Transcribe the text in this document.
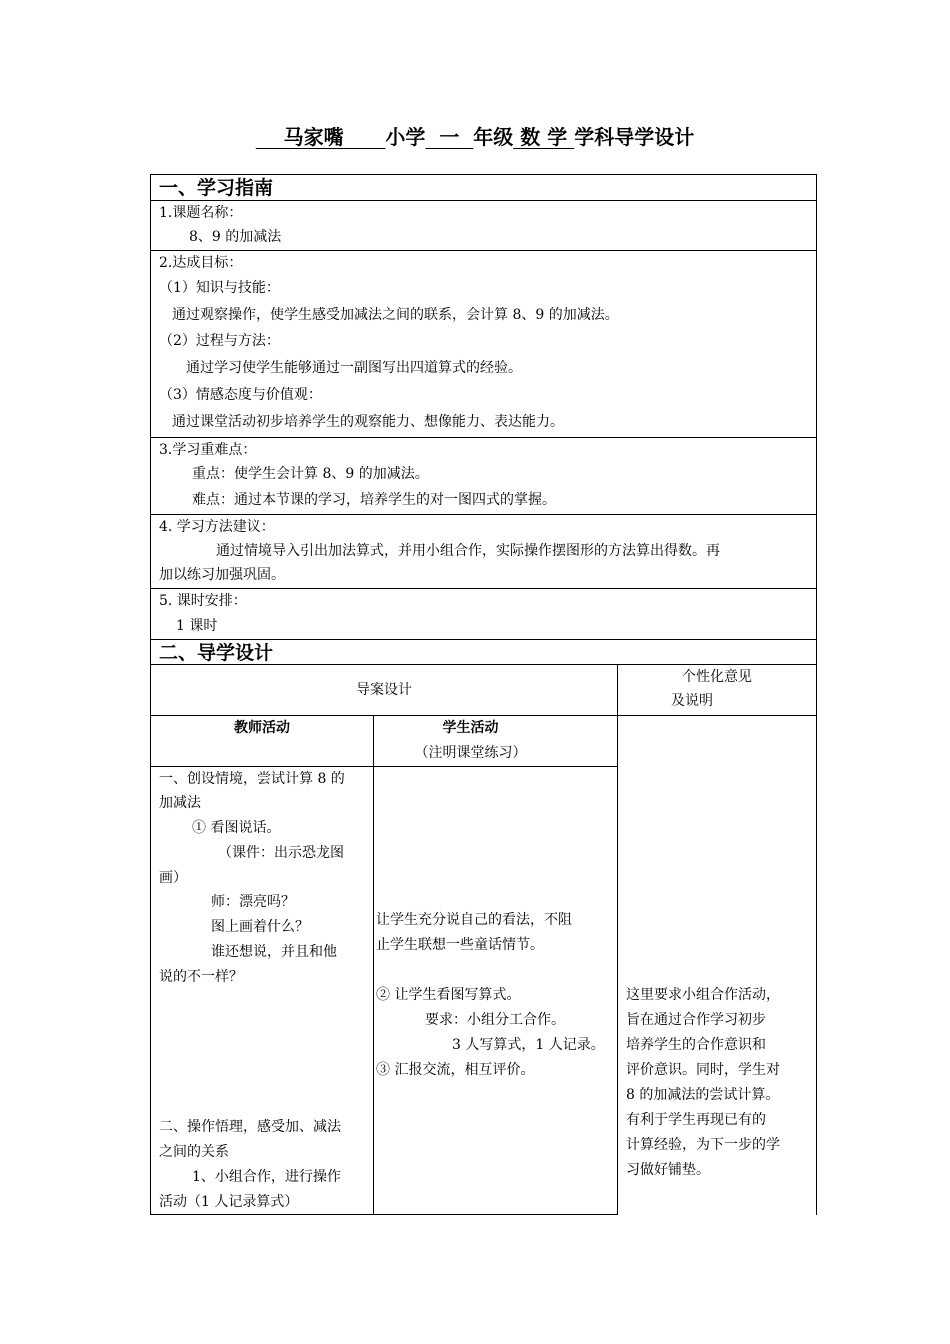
马家嘴 小学 一 年级 数 学 学科导学设计
一、学习指南
1.课题名称：
8、9 的加减法
2.达成目标：
（1）知识与技能：
通过观察操作，使学生感受加减法之间的联系，会计算 8、9 的加减法。
（2）过程与方法：
通过学习使学生能够通过一副图写出四道算式的经验。
（3）情感态度与价值观：
通过课堂活动初步培养学生的观察能力、想像能力、表达能力。
3.学习重难点：
重点：使学生会计算 8、9 的加减法。
难点：通过本节课的学习，培养学生的对一图四式的掌握。
4. 学习方法建议：
通过情境导入引出加法算式，并用小组合作，实际操作摆图形的方法算出得数。再
加以练习加强巩固。
5. 课时安排：
1 课时
二、导学设计
导案设计
个性化意见
及说明
教师活动	学生活动
（注明课堂练习）
一、创设情境，尝试计算 8 的
加减法
① 看图说话。
（课件：出示恐龙图
画）
师：漂亮吗？
图上画着什么？
谁还想说，并且和他
说的不一样？
二、操作悟理，感受加、减法
之间的关系
1、小组合作，进行操作
活动（1 人记录算式）
让学生充分说自己的看法，不阻
止学生联想一些童话情节。
② 让学生看图写算式。
要求：小组分工合作。
3 人写算式，1 人记录。
③ 汇报交流，相互评价。
这里要求小组合作活动，
旨在通过合作学习初步
培养学生的合作意识和
评价意识。同时，学生对
8 的加减法的尝试计算。
有利于学生再现已有的
计算经验，为下一步的学
习做好铺垫。
